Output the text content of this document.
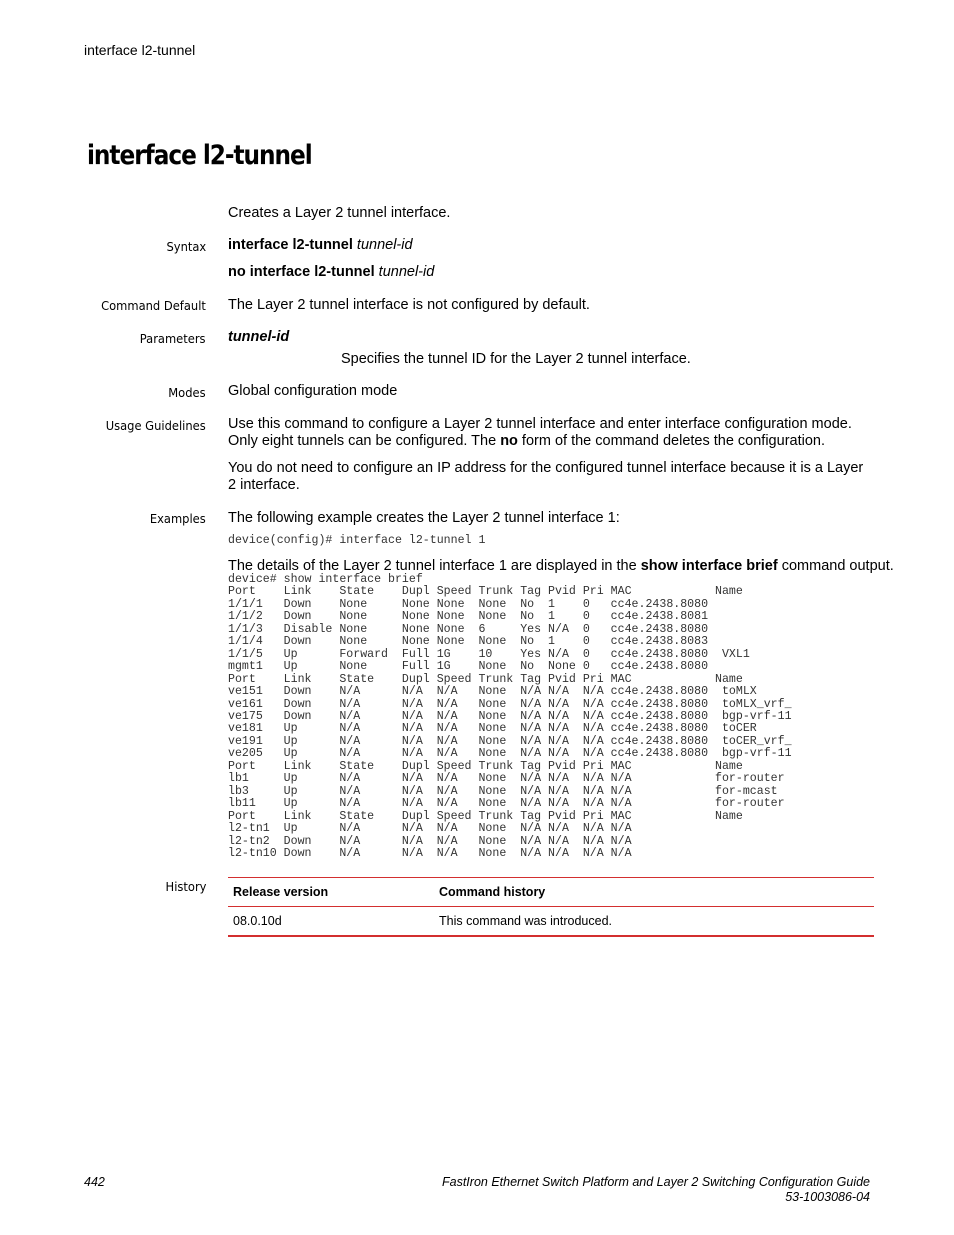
interface l2-tunnel
interface l2-tunnel
Creates a Layer 2 tunnel interface.
Syntax interface l2-tunnel tunnel-id
no interface l2-tunnel tunnel-id
Command Default The Layer 2 tunnel interface is not configured by default.
Parameters tunnel-id
Specifies the tunnel ID for the Layer 2 tunnel interface.
Modes Global configuration mode
Usage Guidelines Use this command to configure a Layer 2 tunnel interface and enter interface configuration mode. Only eight tunnels can be configured. The no form of the command deletes the configuration.
You do not need to configure an IP address for the configured tunnel interface because it is a Layer 2 interface.
Examples The following example creates the Layer 2 tunnel interface 1:
device(config)# interface l2-tunnel 1
The details of the Layer 2 tunnel interface 1 are displayed in the show interface brief command output.
device# show interface brief
Port    Link    State    Dupl Speed Trunk Tag Pvid Pri MAC            Name
1/1/1   Down    None     None None  None  No  1    0   cc4e.2438.8080
1/1/2   Down    None     None None  None  No  1    0   cc4e.2438.8081
1/1/3   Disable None     None None  6     Yes N/A  0   cc4e.2438.8080
1/1/4   Down    None     None None  None  No  1    0   cc4e.2438.8083
1/1/5   Up      Forward  Full 1G    10    Yes N/A  0   cc4e.2438.8080  VXL1
mgmt1   Up      None     Full 1G    None  No  None 0   cc4e.2438.8080
Port    Link    State    Dupl Speed Trunk Tag Pvid Pri MAC            Name
ve151   Down    N/A      N/A  N/A   None  N/A N/A  N/A cc4e.2438.8080  toMLX
ve161   Down    N/A      N/A  N/A   None  N/A N/A  N/A cc4e.2438.8080  toMLX_vrf_
ve175   Down    N/A      N/A  N/A   None  N/A N/A  N/A cc4e.2438.8080  bgp-vrf-11
ve181   Up      N/A      N/A  N/A   None  N/A N/A  N/A cc4e.2438.8080  toCER
ve191   Up      N/A      N/A  N/A   None  N/A N/A  N/A cc4e.2438.8080  toCER_vrf_
ve205   Up      N/A      N/A  N/A   None  N/A N/A  N/A cc4e.2438.8080  bgp-vrf-11
Port    Link    State    Dupl Speed Trunk Tag Pvid Pri MAC            Name
lb1     Up      N/A      N/A  N/A   None  N/A N/A  N/A N/A            for-router
lb3     Up      N/A      N/A  N/A   None  N/A N/A  N/A N/A            for-mcast
lb11    Up      N/A      N/A  N/A   None  N/A N/A  N/A N/A            for-router
Port    Link    State    Dupl Speed Trunk Tag Pvid Pri MAC            Name
l2-tn1  Up      N/A      N/A  N/A   None  N/A N/A  N/A N/A
l2-tn2  Down    N/A      N/A  N/A   None  N/A N/A  N/A N/A
l2-tn10 Down    N/A      N/A  N/A   None  N/A N/A  N/A N/A
History	Release version	Command history
08.0.10d	This command was introduced.
442	FastIron Ethernet Switch Platform and Layer 2 Switching Configuration Guide
53-1003086-04
